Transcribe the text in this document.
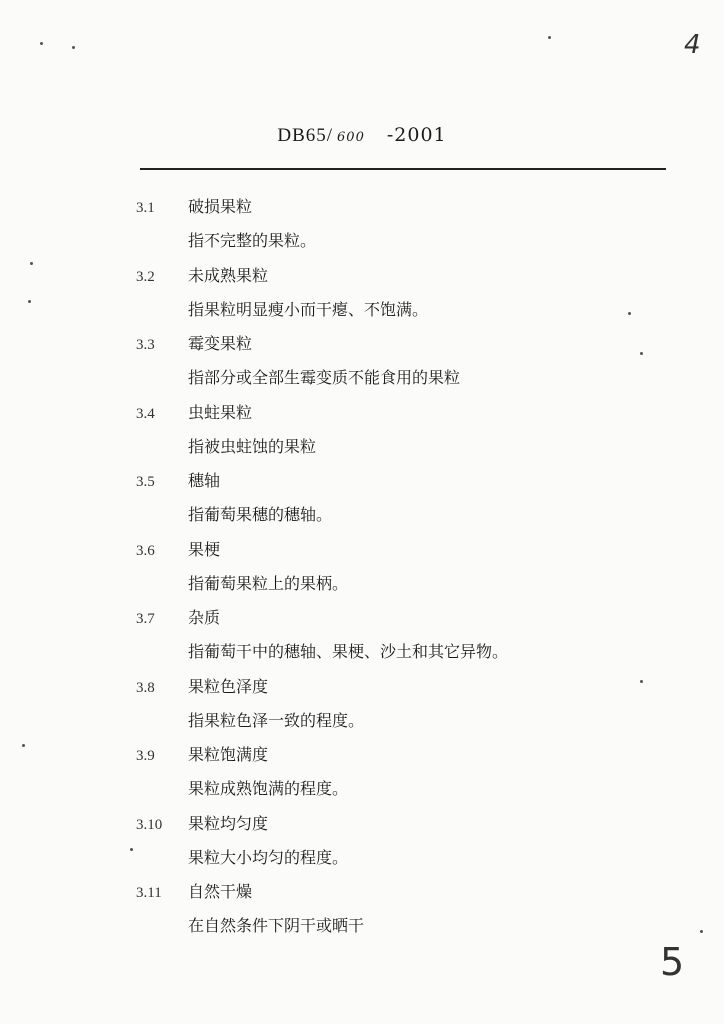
4
DB65/ 600 -2001
3.1 破损果粒
指不完整的果粒。
3.2 未成熟果粒
指果粒明显瘦小而干瘪、不饱满。
3.3 霉变果粒
指部分或全部生霉变质不能食用的果粒
3.4 虫蛀果粒
指被虫蛀蚀的果粒
3.5 穗轴
指葡萄果穗的穗轴。
3.6 果梗
指葡萄果粒上的果柄。
3.7 杂质
指葡萄干中的穗轴、果梗、沙土和其它异物。
3.8 果粒色泽度
指果粒色泽一致的程度。
3.9 果粒饱满度
果粒成熟饱满的程度。
3.10 果粒均匀度
果粒大小均匀的程度。
3.11 自然干燥
在自然条件下阴干或晒干
5
